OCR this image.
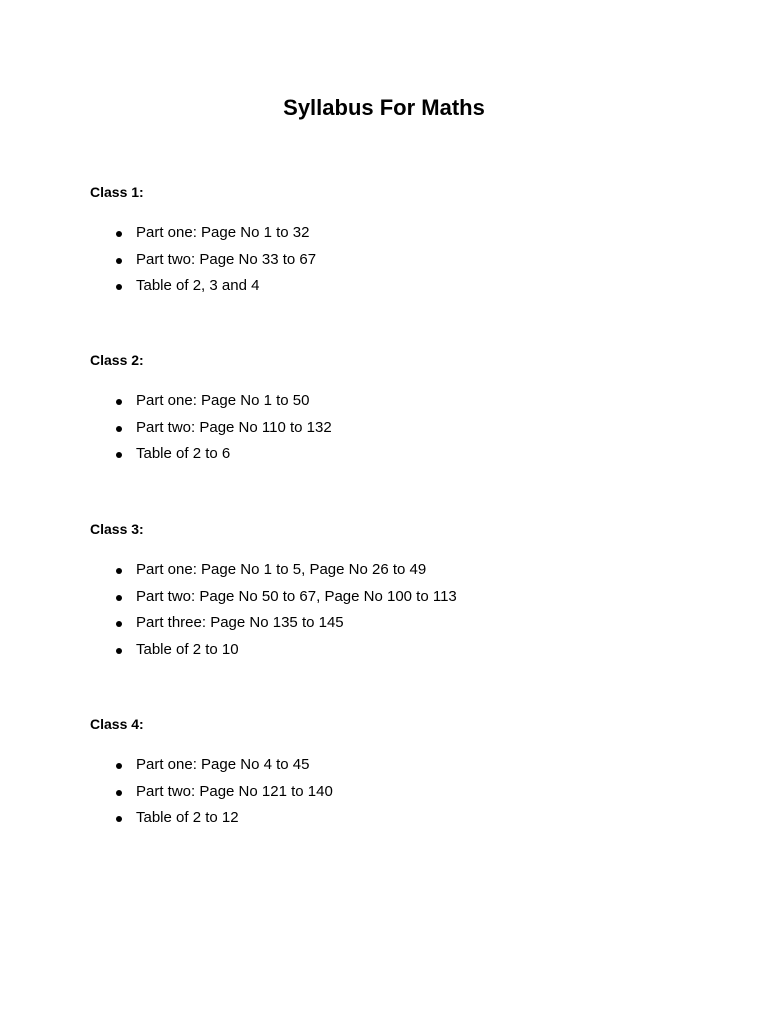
Syllabus For Maths

Class 1:

Part one: Page No 1 to 32
Part two: Page No 33 to 67
Table of 2, 3 and 4

Class 2:

Part one: Page No 1 to 50
Part two: Page No 110 to 132
Table of 2 to 6

Class 3:

Part one: Page No 1 to 5, Page No 26 to 49
Part two: Page No 50 to 67, Page No 100 to 113
Part three: Page No 135 to 145
Table of 2 to 10

Class 4:

Part one: Page No 4 to 45
Part two: Page No 121 to 140
Table of 2 to 12
